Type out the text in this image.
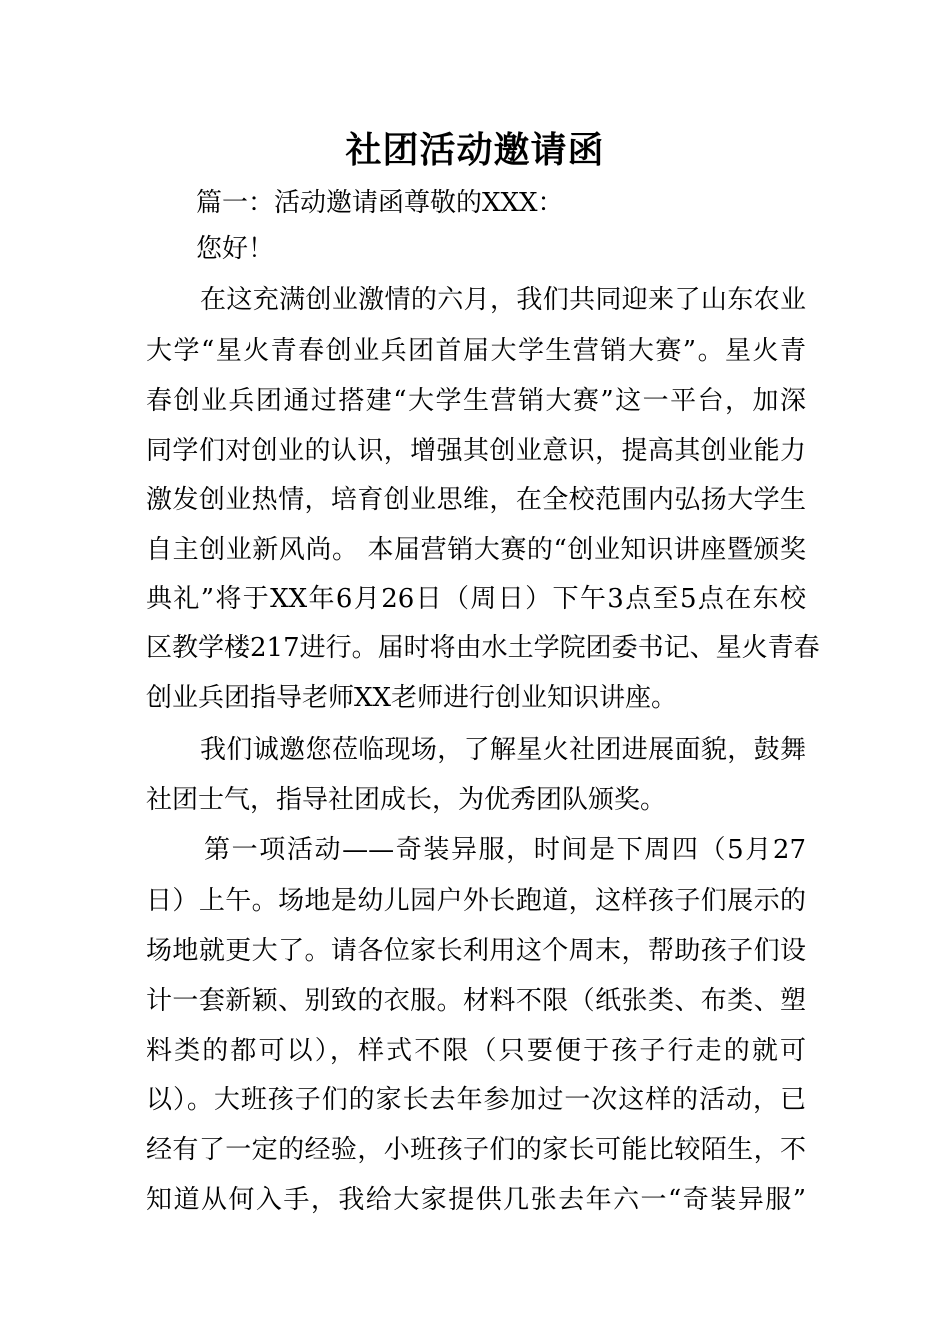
社团活动邀请函
篇一：活动邀请函尊敬的XXX：
您好！
在这充满创业激情的六月，我们共同迎来了山东农业
大学“星火青春创业兵团首届大学生营销大赛”。星火青
春创业兵团通过搭建“大学生营销大赛”这一平台，加深
同学们对创业的认识，增强其创业意识，提高其创业能力
激发创业热情，培育创业思维，在全校范围内弘扬大学生
自主创业新风尚。 本届营销大赛的“创业知识讲座暨颁奖
典礼”将于XX年6月26日（周日）下午3点至5点在东校
区教学楼217进行。届时将由水土学院团委书记、星火青春
创业兵团指导老师XX老师进行创业知识讲座。
我们诚邀您莅临现场，了解星火社团进展面貌，鼓舞
社团士气，指导社团成长，为优秀团队颁奖。
第一项活动——奇装异服，时间是下周四（5月27
日）上午。场地是幼儿园户外长跑道，这样孩子们展示的
场地就更大了。请各位家长利用这个周末，帮助孩子们设
计一套新颖、别致的衣服。材料不限（纸张类、布类、塑
料类的都可以），样式不限（只要便于孩子行走的就可
以）。大班孩子们的家长去年参加过一次这样的活动，已
经有了一定的经验，小班孩子们的家长可能比较陌生，不
知道从何入手，我给大家提供几张去年六一“奇装异服”
